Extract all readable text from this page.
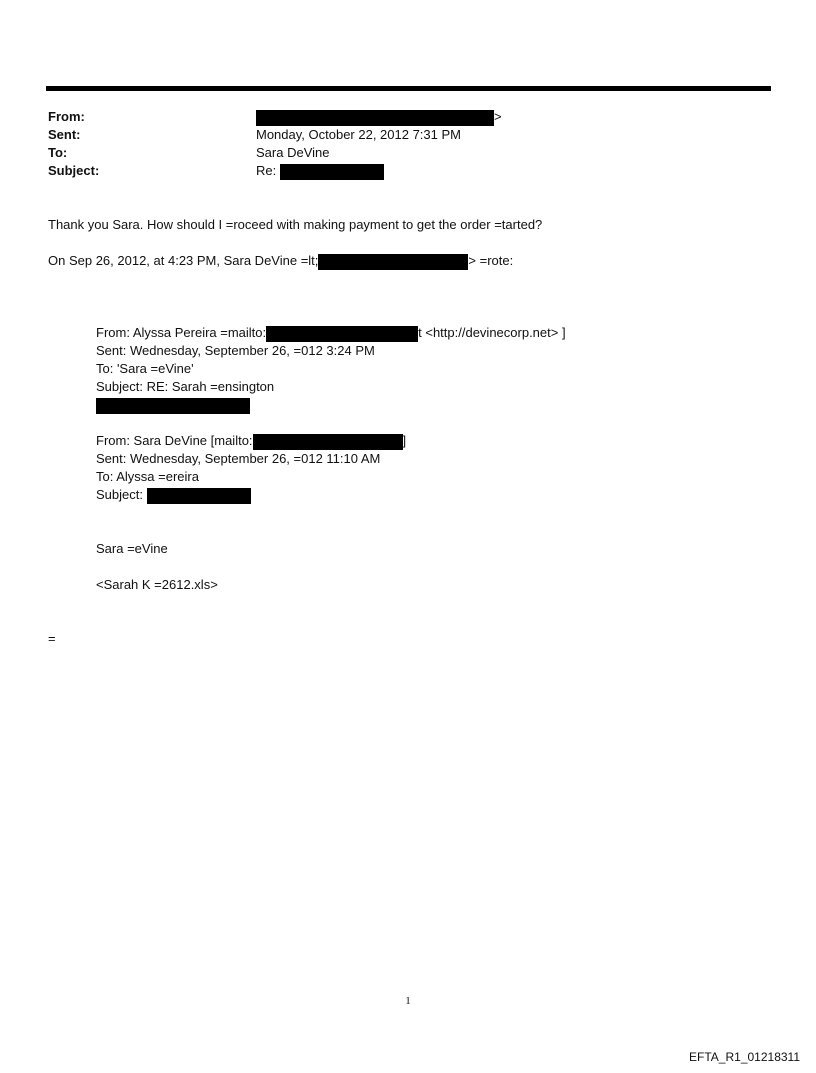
From:	>
Sent:	Monday, October 22, 2012 7:31 PM
To:	Sara DeVine
Subject:	Re:
Thank you Sara. How should I =roceed with making payment to get the order =tarted?
On Sep 26, 2012, at 4:23 PM, Sara DeVine =lt;	> =rote:
From: Alyssa Pereira =mailto:	t <http://devinecorp.net> ]
Sent: Wednesday, September 26, =012 3:24 PM
To: 'Sara =eVine'
Subject: RE: Sarah =ensington
From: Sara DeVine [mailto:	]
Sent: Wednesday, September 26, =012 11:10 AM
To: Alyssa =ereira
Subject:
Sara =eVine
<Sarah K =2612.xls>
=
1
EFTA_R1_01218311
